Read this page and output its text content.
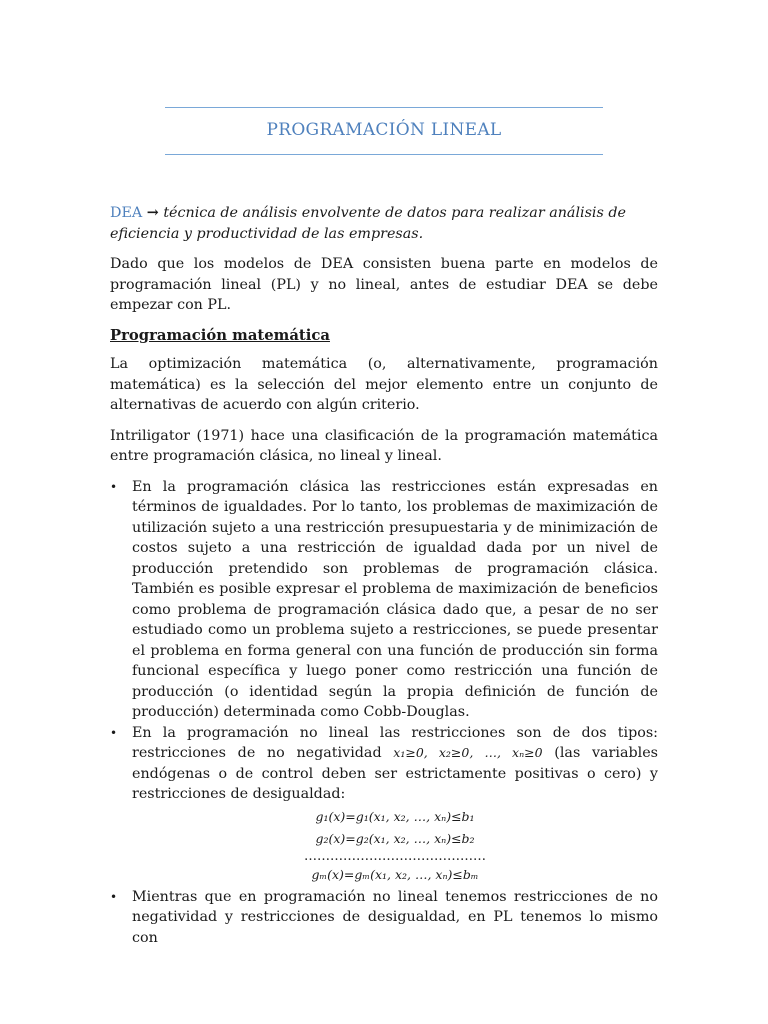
PROGRAMACIÓN LINEAL

DEA → técnica de análisis envolvente de datos para realizar análisis de eficiencia y productividad de las empresas.

Dado que los modelos de DEA consisten buena parte en modelos de programación lineal (PL) y no lineal, antes de estudiar DEA se debe empezar con PL.

Programación matemática

La optimización matemática (o, alternativamente, programación matemática) es la selección del mejor elemento entre un conjunto de alternativas de acuerdo con algún criterio.

Intriligator (1971) hace una clasificación de la programación matemática entre programación clásica, no lineal y lineal.

•	En la programación clásica las restricciones están expresadas en términos de igualdades. Por lo tanto, los problemas de maximización de utilización sujeto a una restricción presupuestaria y de minimización de costos sujeto a una restricción de igualdad dada por un nivel de producción pretendido son problemas de programación clásica. También es posible expresar el problema de maximización de beneficios como problema de programación clásica dado que, a pesar de no ser estudiado como un problema sujeto a restricciones, se puede presentar el problema en forma general con una función de producción sin forma funcional específica y luego poner como restricción una función de producción (o identidad según la propia definición de función de producción) determinada como Cobb-Douglas.
•	En la programación no lineal las restricciones son de dos tipos: restricciones de no negatividad x₁≥0, x₂≥0, …, xₙ≥0 (las variables endógenas o de control deben ser estrictamente positivas o cero) y restricciones de desigualdad:
g₁(x)=g₁(x₁, x₂, …, xₙ)≤b₁
g₂(x)=g₂(x₁, x₂, …, xₙ)≤b₂
……………………………………
gₘ(x)=gₘ(x₁, x₂, …, xₙ)≤bₘ
•	Mientras que en programación no lineal tenemos restricciones de no negatividad y restricciones de desigualdad, en PL tenemos lo mismo con
